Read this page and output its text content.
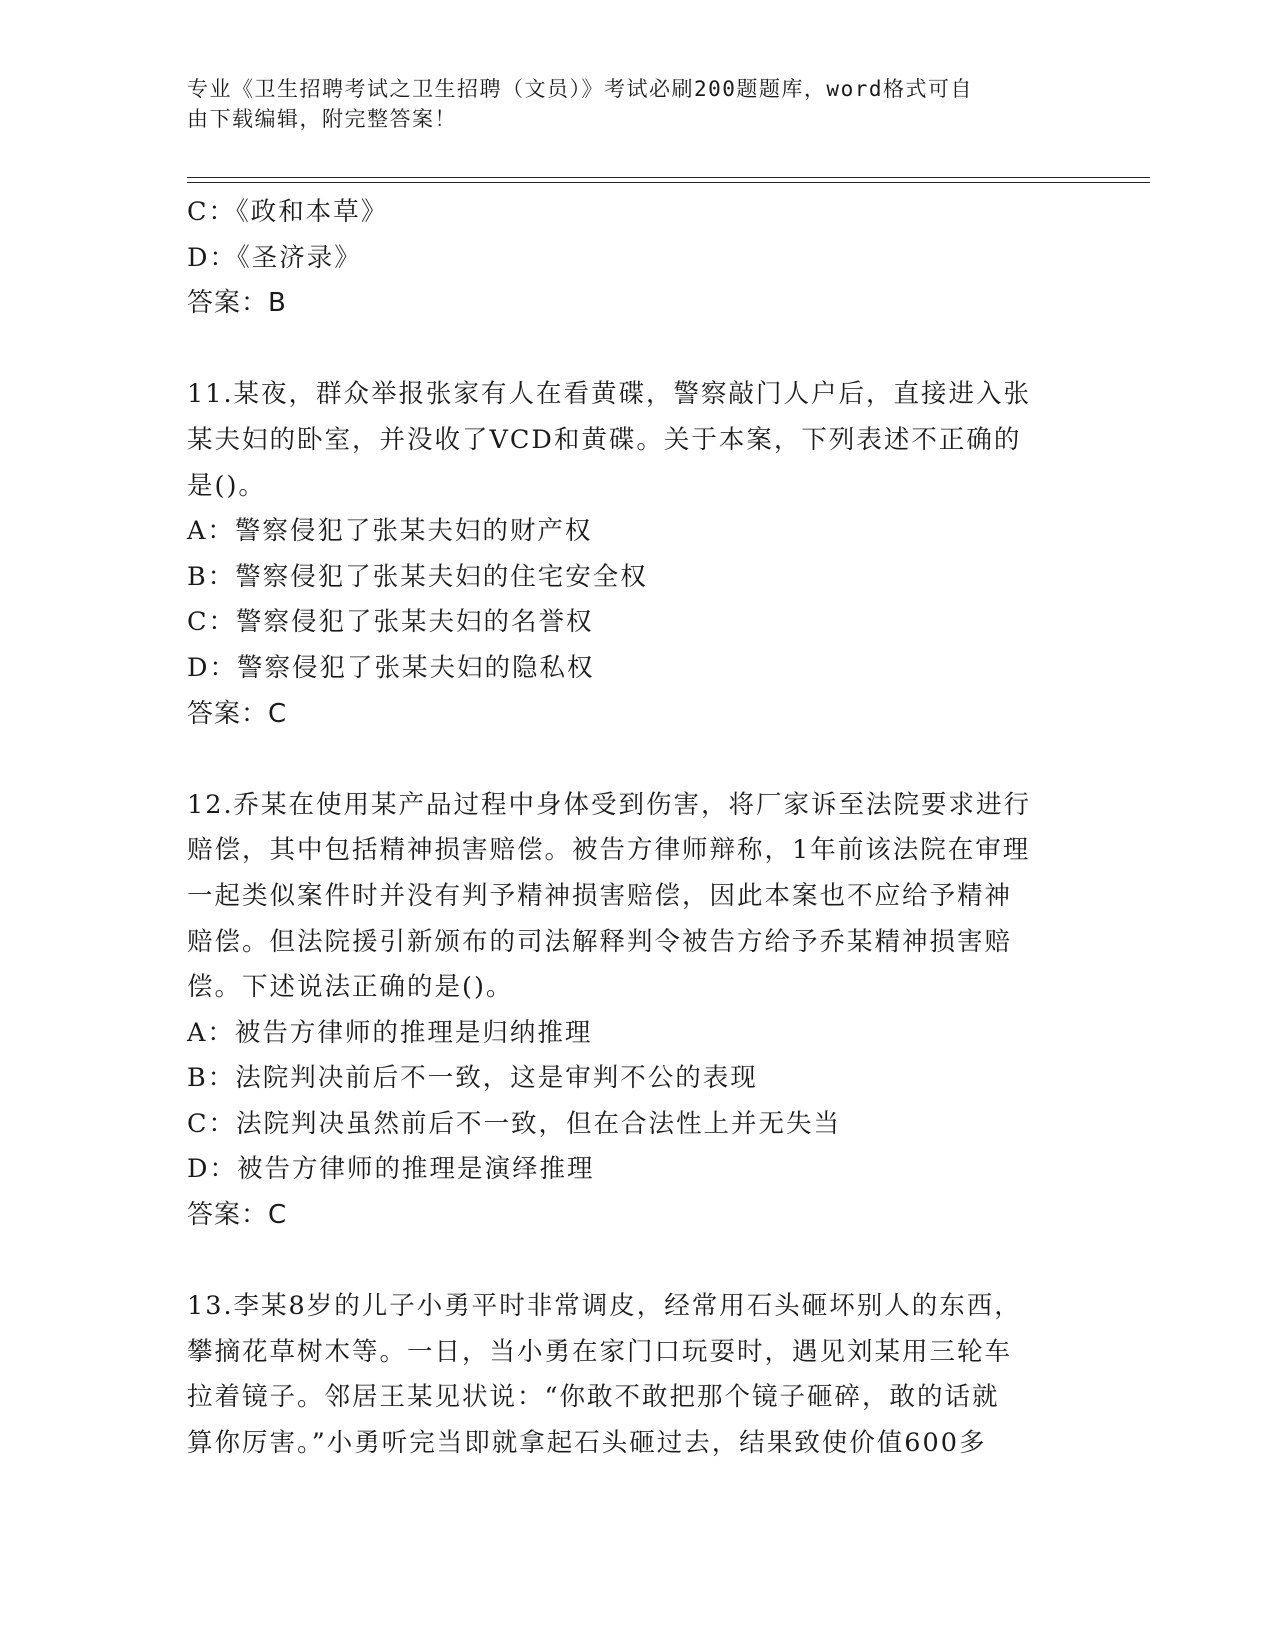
专业《卫生招聘考试之卫生招聘（文员）》考试必刷200题题库，word格式可自
由下载编辑，附完整答案！
C：《政和本草》
D：《圣济录》
答案：B
11.某夜，群众举报张家有人在看黄碟，警察敲门人户后，直接进入张
某夫妇的卧室，并没收了VCD和黄碟。关于本案，下列表述不正确的
是()。
A：警察侵犯了张某夫妇的财产权
B：警察侵犯了张某夫妇的住宅安全权
C：警察侵犯了张某夫妇的名誉权
D：警察侵犯了张某夫妇的隐私权
答案：C
12.乔某在使用某产品过程中身体受到伤害，将厂家诉至法院要求进行
赔偿，其中包括精神损害赔偿。被告方律师辩称，1年前该法院在审理
一起类似案件时并没有判予精神损害赔偿，因此本案也不应给予精神
赔偿。但法院援引新颁布的司法解释判令被告方给予乔某精神损害赔
偿。下述说法正确的是()。
A：被告方律师的推理是归纳推理
B：法院判决前后不一致，这是审判不公的表现
C：法院判决虽然前后不一致，但在合法性上并无失当
D：被告方律师的推理是演绎推理
答案：C
13.李某8岁的儿子小勇平时非常调皮，经常用石头砸坏别人的东西，
攀摘花草树木等。一日，当小勇在家门口玩耍时，遇见刘某用三轮车
拉着镜子。邻居王某见状说：“你敢不敢把那个镜子砸碎，敢的话就
算你厉害。”小勇听完当即就拿起石头砸过去，结果致使价值600多
